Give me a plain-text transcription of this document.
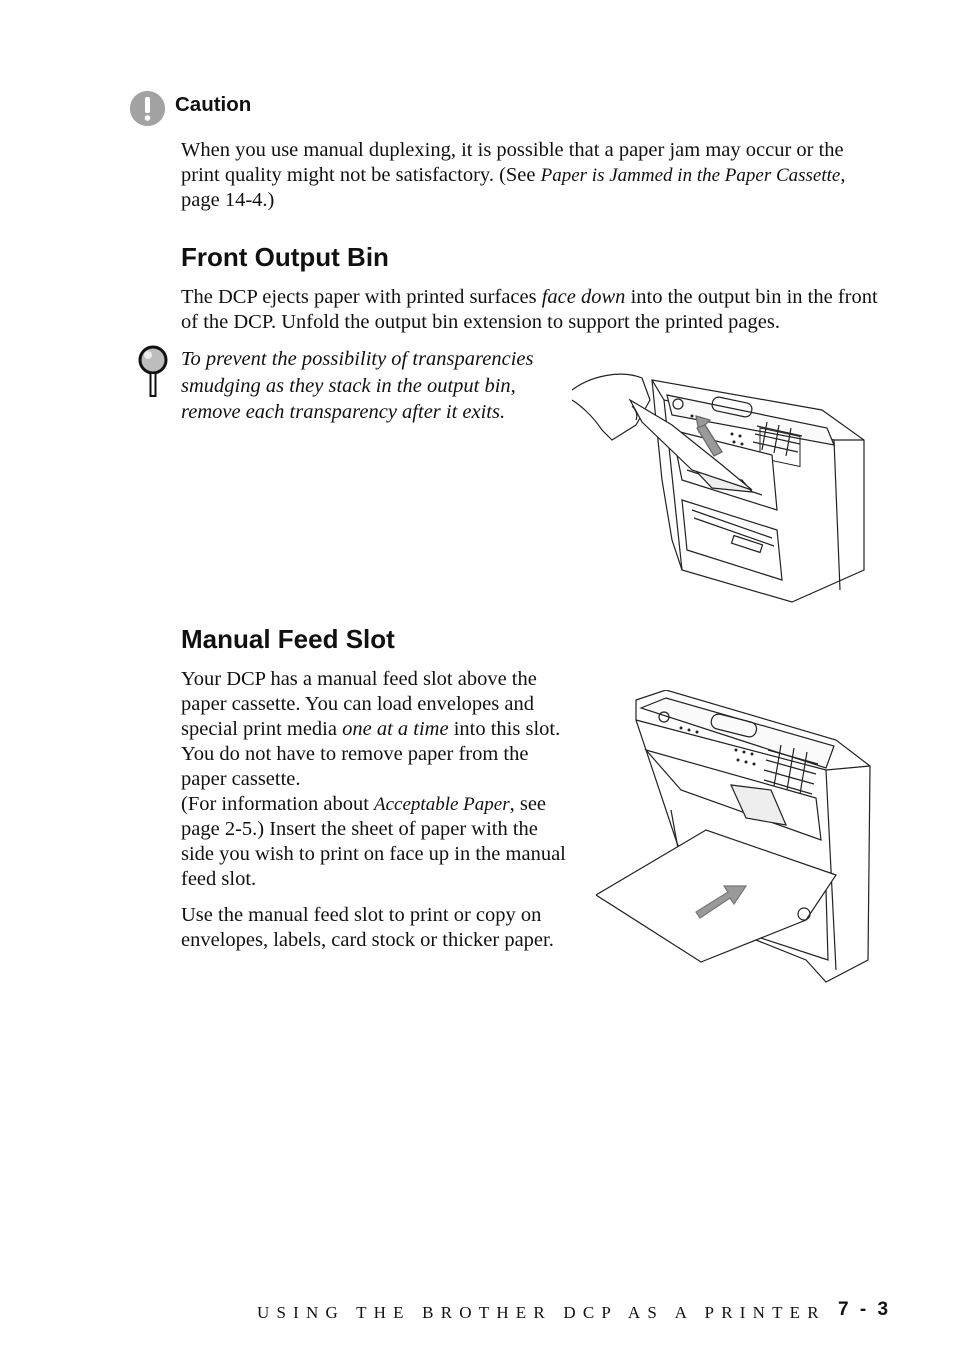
Caution

When you use manual duplexing, it is possible that a paper jam may occur or the print quality might not be satisfactory. (See Paper is Jammed in the Paper Cassette, page 14-4.)

Front Output Bin

The DCP ejects paper with printed surfaces face down into the output bin in the front of the DCP. Unfold the output bin extension to support the printed pages.

To prevent the possibility of transparencies smudging as they stack in the output bin, remove each transparency after it exits.

Manual Feed Slot

Your DCP has a manual feed slot above the paper cassette. You can load envelopes and special print media one at a time into this slot. You do not have to remove paper from the paper cassette.
(For information about Acceptable Paper, see page 2-5.) Insert the sheet of paper with the side you wish to print on face up in the manual feed slot.

Use the manual feed slot to print or copy on envelopes, labels, card stock or thicker paper.

USING THE BROTHER DCP AS A PRINTER 7 - 3
